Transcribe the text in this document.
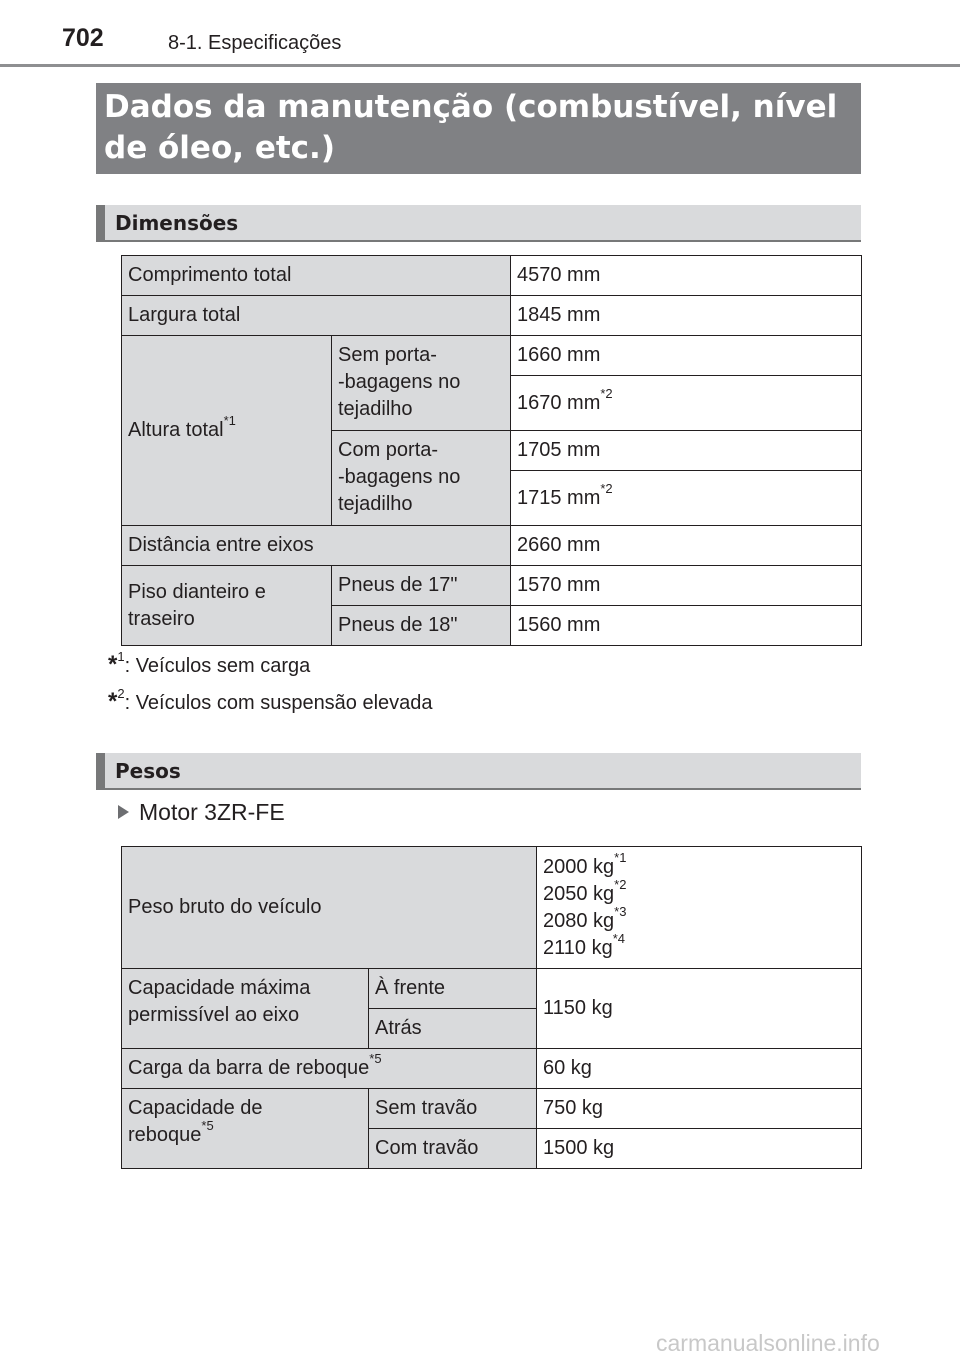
702	8-1. Especificações
Dados da manutenção (combustível, nível
de óleo, etc.)
Dimensões
Comprimento total		4570 mm
Largura total		1845 mm
Altura total$^{*1}$	Sem porta-
-bagagens no
tejadilho	1660 mm
		1670 $mm^{*2}$
	Com porta-
-bagagens no
tejadilho	1705 mm
		1715 $mm^{*2}$
Distância entre eixos		2660 mm
Piso dianteiro e
traseiro	Pneus de 17"	1570 mm
	Pneus de 18"	1560 mm
*$^1$: Veículos sem carga
*$^2$: Veículos com suspensão elevada
Pesos
Motor 3ZR-FE
Peso bruto do veículo		2000 $kg^{*1}$
2050 $kg^{*2}$
2080 $kg^{*3}$
2110 $kg^{*4}$

Capacidade máxima
permissível ao eixo	À frente	1150 kg
	Atrás	
Carga da barra de reboque$^{*5}$		60 kg
Capacidade de
reboque$^{*5}$	Sem travão	750 kg
	Com travão	1500 kg
carmanualsonline.info
